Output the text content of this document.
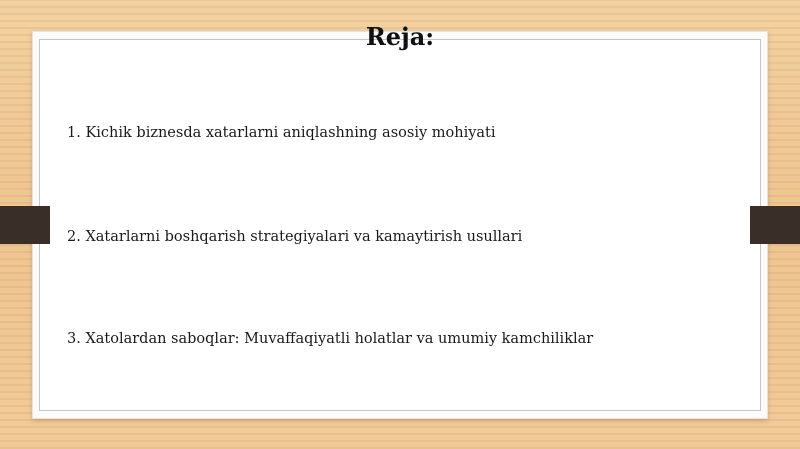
Reja:
1. Kichik biznesda xatarlarni aniqlashning asosiy mohiyati
2. Xatarlarni boshqarish strategiyalari va kamaytirish usullari
3. Xatolardan saboqlar: Muvaffaqiyatli holatlar va umumiy kamchiliklar
